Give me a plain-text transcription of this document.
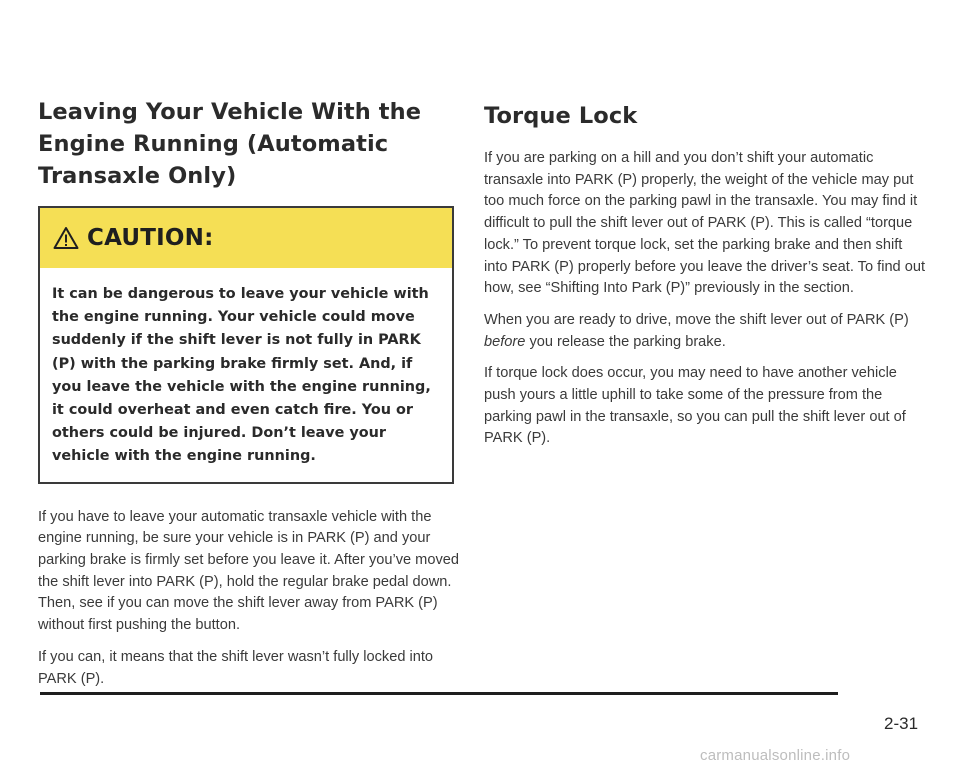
Leaving Your Vehicle With the Engine Running (Automatic Transaxle Only)
CAUTION:

It can be dangerous to leave your vehicle with the engine running. Your vehicle could move suddenly if the shift lever is not fully in PARK (P) with the parking brake firmly set. And, if you leave the vehicle with the engine running, it could overheat and even catch fire. You or others could be injured. Don’t leave your vehicle with the engine running.

If you have to leave your automatic transaxle vehicle with the engine running, be sure your vehicle is in PARK (P) and your parking brake is firmly set before you leave it. After you’ve moved the shift lever into PARK (P), hold the regular brake pedal down. Then, see if you can move the shift lever away from PARK (P) without first pushing the button.

If you can, it means that the shift lever wasn’t fully locked into PARK (P).

Torque Lock

If you are parking on a hill and you don’t shift your automatic transaxle into PARK (P) properly, the weight of the vehicle may put too much force on the parking pawl in the transaxle. You may find it difficult to pull the shift lever out of PARK (P). This is called “torque lock.” To prevent torque lock, set the parking brake and then shift into PARK (P) properly before you leave the driver’s seat. To find out how, see “Shifting Into Park (P)” previously in the section.

When you are ready to drive, move the shift lever out of PARK (P) before you release the parking brake.

If torque lock does occur, you may need to have another vehicle push yours a little uphill to take some of the pressure from the parking pawl in the transaxle, so you can pull the shift lever out of PARK (P).

2-31
carmanualsonline.info
